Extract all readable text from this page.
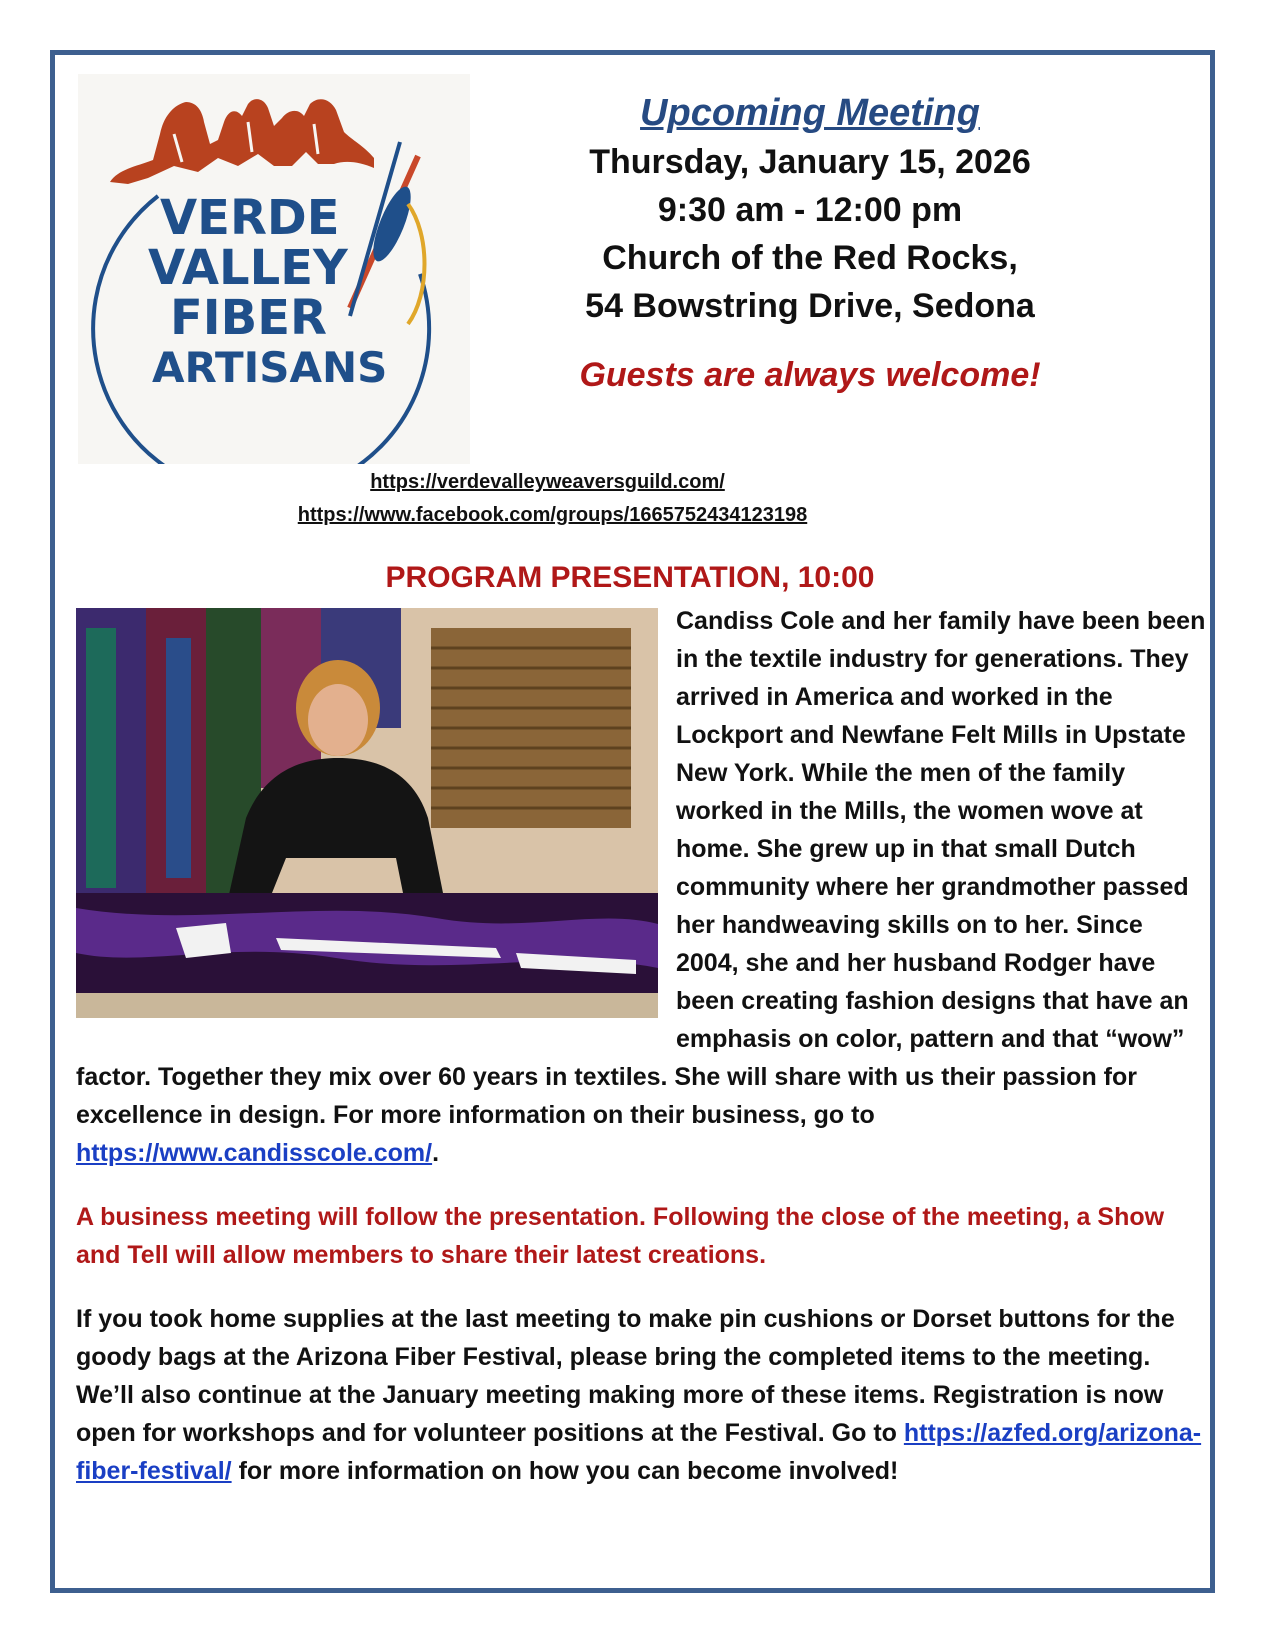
VERDE
VALLEY
FIBER
ARTISANS
Upcoming Meeting
Thursday, January 15, 2026
9:30 am - 12:00 pm
Church of the Red Rocks,
54 Bowstring Drive, Sedona
Guests are always welcome!
https://verdevalleyweaversguild.com/
https://www.facebook.com/groups/1665752434123198
PROGRAM PRESENTATION, 10:00
Candiss Cole and her family have been been in the textile industry for generations. They arrived in America and worked in the Lockport and Newfane Felt Mills in Upstate New York. While the men of the family worked in the Mills, the women wove at home. She grew up in that small Dutch community where her grandmother passed her handweaving skills on to her. Since 2004, she and her husband Rodger have been creating fashion designs that have an emphasis on color, pattern and that “wow” factor. Together they mix over 60 years in textiles. She will share with us their passion for excellence in design. For more information on their business, go to https://www.candisscole.com/.
A business meeting will follow the presentation. Following the close of the meeting, a Show and Tell will allow members to share their latest creations.
If you took home supplies at the last meeting to make pin cushions or Dorset buttons for the goody bags at the Arizona Fiber Festival, please bring the completed items to the meeting. We’ll also continue at the January meeting making more of these items. Registration is now open for workshops and for volunteer positions at the Festival. Go to https://azfed.org/arizona-fiber-festival/ for more information on how you can become involved!
